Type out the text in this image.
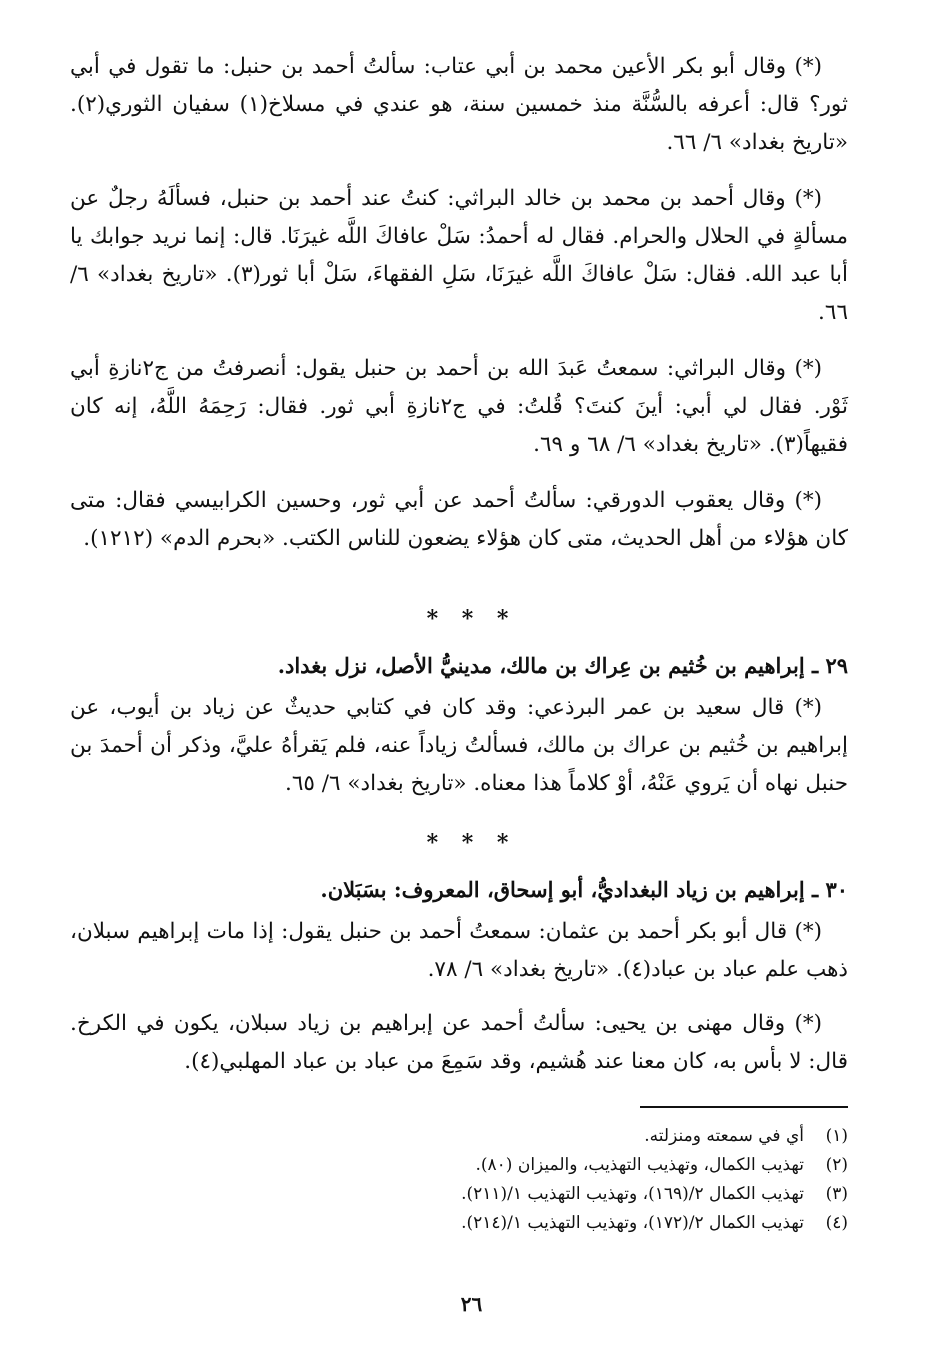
(*) وقال أبو بكر الأعين محمد بن أبي عتاب: سألتُ أحمد بن حنبل: ما تقول في أبي ثور؟ قال: أعرفه بالسُّنَّة منذ خمسين سنة، هو عندي في مسلاخ(١) سفيان الثوري(٢). «تاريخ بغداد» ٦/ ٦٦.

(*) وقال أحمد بن محمد بن خالد البراثي: كنتُ عند أحمد بن حنبل، فسألَهُ رجلٌ عن مسألةٍ في الحلال والحرام. فقال له أحمدُ: سَلْ عافاكَ اللَّه غيرَنَا. قال: إنما نريد جوابك يا أبا عبد الله. فقال: سَلْ عافاكَ اللَّه غيرَنَا، سَلِ الفقهاءَ، سَلْ أبا ثور(٣). «تاريخ بغداد» ٦/ ٦٦.

(*) وقال البراثي: سمعتُ عَبدَ الله بن أحمد بن حنبل يقول: أنصرفتُ من ج٢نازةِ أبي ثَوْر. فقال لي أبي: أينَ كنتَ؟ قُلتُ: في ج٢نازةِ أبي ثور. فقال: رَحِمَهُ اللَّهُ، إنه كان فقيهاً(٣). «تاريخ بغداد» ٦/ ٦٨ و ٦٩.

(*) وقال يعقوب الدورقي: سألتُ أحمد عن أبي ثور، وحسين الكرابيسي فقال: متى كان هؤلاء من أهل الحديث، متى كان هؤلاء يضعون للناس الكتب. «بحرم الدم» (١٢١٢).

* * *

٢٩ ـ إبراهيم بن خُثيم بن عِراك بن مالك، مدينيُّ الأصل، نزل بغداد.

(*) قال سعيد بن عمر البرذعي: وقد كان في كتابي حديثٌ عن زياد بن أيوب، عن إبراهيم بن خُثيم بن عراك بن مالك، فسألتُ زياداً عنه، فلم يَقرأهُ عليَّ، وذكر أن أحمدَ بن حنبل نهاه أن يَروي عَنْهُ، أوْ كلاماً هذا معناه. «تاريخ بغداد» ٦/ ٦٥.

* * *

٣٠ ـ إبراهيم بن زياد البغداديُّ، أبو إسحاق، المعروف: بسَبَلان.

(*) قال أبو بكر أحمد بن عثمان: سمعتُ أحمد بن حنبل يقول: إذا مات إبراهيم سبلان، ذهب علم عباد بن عباد(٤). «تاريخ بغداد» ٦/ ٧٨.

(*) وقال مهنى بن يحيى: سألتُ أحمد عن إبراهيم بن زياد سبلان، يكون في الكرخ. قال: لا بأس به، كان معنا عند هُشيم، وقد سَمِعَ من عباد بن عباد المهلبي(٤).

(١)
أي في سمعته ومنزلته.
(٢)
تهذيب الكمال، وتهذيب التهذيب، والميزان (٨٠).
(٣)
تهذيب الكمال ٢/(١٦٩)، وتهذيب التهذيب ١/(٢١١).
(٤)
تهذيب الكمال ٢/(١٧٢)، وتهذيب التهذيب ١/(٢١٤).
٢٦
